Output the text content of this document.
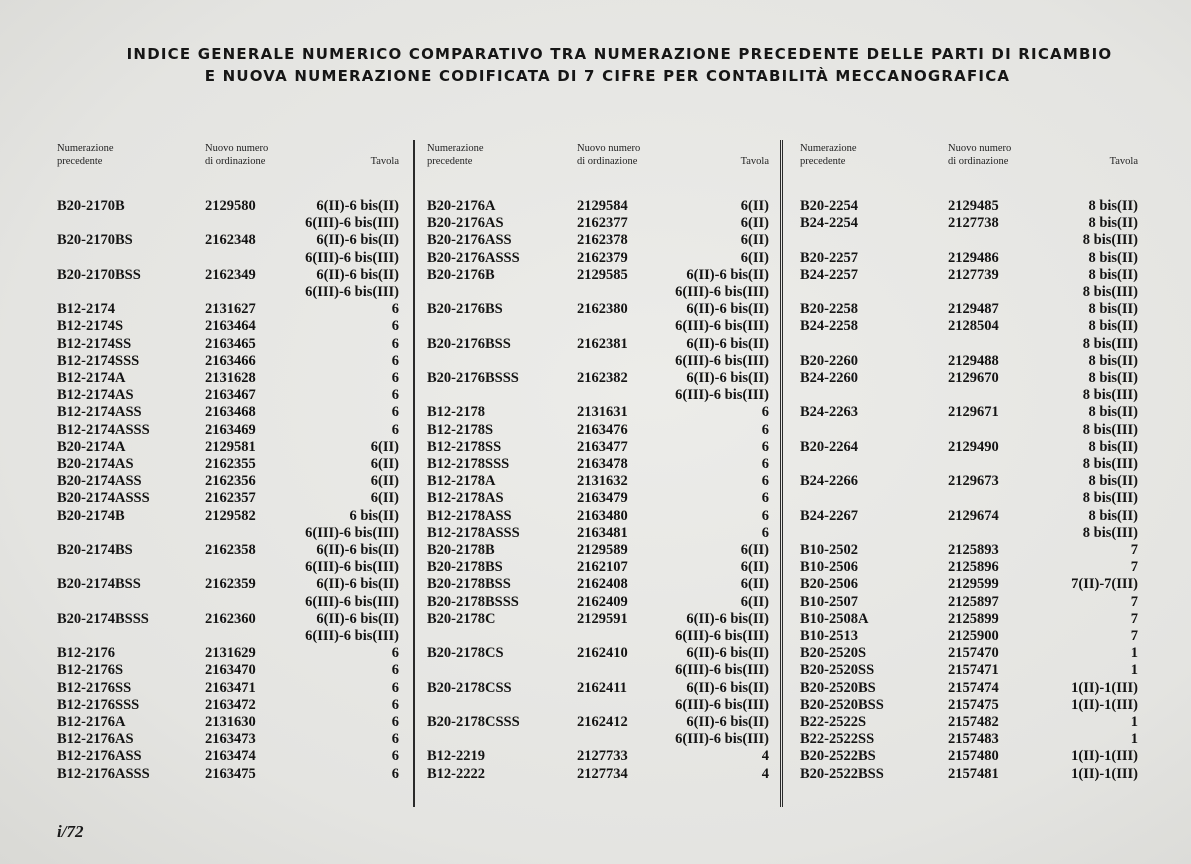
INDICE GENERALE NUMERICO COMPARATIVO TRA NUMERAZIONE PRECEDENTE DELLE PARTI DI RICAMBIO
E NUOVA NUMERAZIONE CODIFICATA DI 7 CIFRE PER CONTABILITÀ MECCANOGRAFICA
Numerazione
precedente
Nuovo numero
di ordinazione	Tavola
B20-2170B	2129580	6(II)-6 bis(II)
6(III)-6 bis(III)
B20-2170BS	2162348	6(II)-6 bis(II)
6(III)-6 bis(III)
B20-2170BSS	2162349	6(II)-6 bis(II)
6(III)-6 bis(III)
B12-2174	2131627	6
B12-2174S	2163464	6
B12-2174SS	2163465	6
B12-2174SSS	2163466	6
B12-2174A	2131628	6
B12-2174AS	2163467	6
B12-2174ASS	2163468	6
B12-2174ASSS	2163469	6
B20-2174A	2129581	6(II)
B20-2174AS	2162355	6(II)
B20-2174ASS	2162356	6(II)
B20-2174ASSS	2162357	6(II)
B20-2174B	2129582	6 bis(II)
6(III)-6 bis(III)
B20-2174BS	2162358	6(II)-6 bis(II)
6(III)-6 bis(III)
B20-2174BSS	2162359	6(II)-6 bis(II)
6(III)-6 bis(III)
B20-2174BSSS	2162360	6(II)-6 bis(II)
6(III)-6 bis(III)
B12-2176	2131629	6
B12-2176S	2163470	6
B12-2176SS	2163471	6
B12-2176SSS	2163472	6
B12-2176A	2131630	6
B12-2176AS	2163473	6
B12-2176ASS	2163474	6
B12-2176ASSS	2163475	6
Numerazione
precedente
Nuovo numero
di ordinazione	Tavola
B20-2176A	2129584	6(II)
B20-2176AS	2162377	6(II)
B20-2176ASS	2162378	6(II)
B20-2176ASSS	2162379	6(II)
B20-2176B	2129585	6(II)-6 bis(II)
6(III)-6 bis(III)
B20-2176BS	2162380	6(II)-6 bis(II)
6(III)-6 bis(III)
B20-2176BSS	2162381	6(II)-6 bis(II)
6(III)-6 bis(III)
B20-2176BSSS	2162382	6(II)-6 bis(II)
6(III)-6 bis(III)
B12-2178	2131631	6
B12-2178S	2163476	6
B12-2178SS	2163477	6
B12-2178SSS	2163478	6
B12-2178A	2131632	6
B12-2178AS	2163479	6
B12-2178ASS	2163480	6
B12-2178ASSS	2163481	6
B20-2178B	2129589	6(II)
B20-2178BS	2162107	6(II)
B20-2178BSS	2162408	6(II)
B20-2178BSSS	2162409	6(II)
B20-2178C	2129591	6(II)-6 bis(II)
6(III)-6 bis(III)
B20-2178CS	2162410	6(II)-6 bis(II)
6(III)-6 bis(III)
B20-2178CSS	2162411	6(II)-6 bis(II)
6(III)-6 bis(III)
B20-2178CSSS	2162412	6(II)-6 bis(II)
6(III)-6 bis(III)
B12-2219	2127733	4
B12-2222	2127734	4
Numerazione
precedente
Nuovo numero
di ordinazione	Tavola
B20-2254	2129485	8 bis(II)
B24-2254	2127738	8 bis(II)
8 bis(III)
B20-2257	2129486	8 bis(II)
B24-2257	2127739	8 bis(II)
8 bis(III)
B20-2258	2129487	8 bis(II)
B24-2258	2128504	8 bis(II)
8 bis(III)
B20-2260	2129488	8 bis(II)
B24-2260	2129670	8 bis(II)
8 bis(III)
B24-2263	2129671	8 bis(II)
8 bis(III)
B20-2264	2129490	8 bis(II)
8 bis(III)
B24-2266	2129673	8 bis(II)
8 bis(III)
B24-2267	2129674	8 bis(II)
8 bis(III)
B10-2502	2125893	7
B10-2506	2125896	7
B20-2506	2129599	7(II)-7(III)
B10-2507	2125897	7
B10-2508A	2125899	7
B10-2513	2125900	7
B20-2520S	2157470	1
B20-2520SS	2157471	1
B20-2520BS	2157474	1(II)-1(III)
B20-2520BSS	2157475	1(II)-1(III)
B22-2522S	2157482	1
B22-2522SS	2157483	1
B20-2522BS	2157480	1(II)-1(III)
B20-2522BSS	2157481	1(II)-1(III)
i/72
